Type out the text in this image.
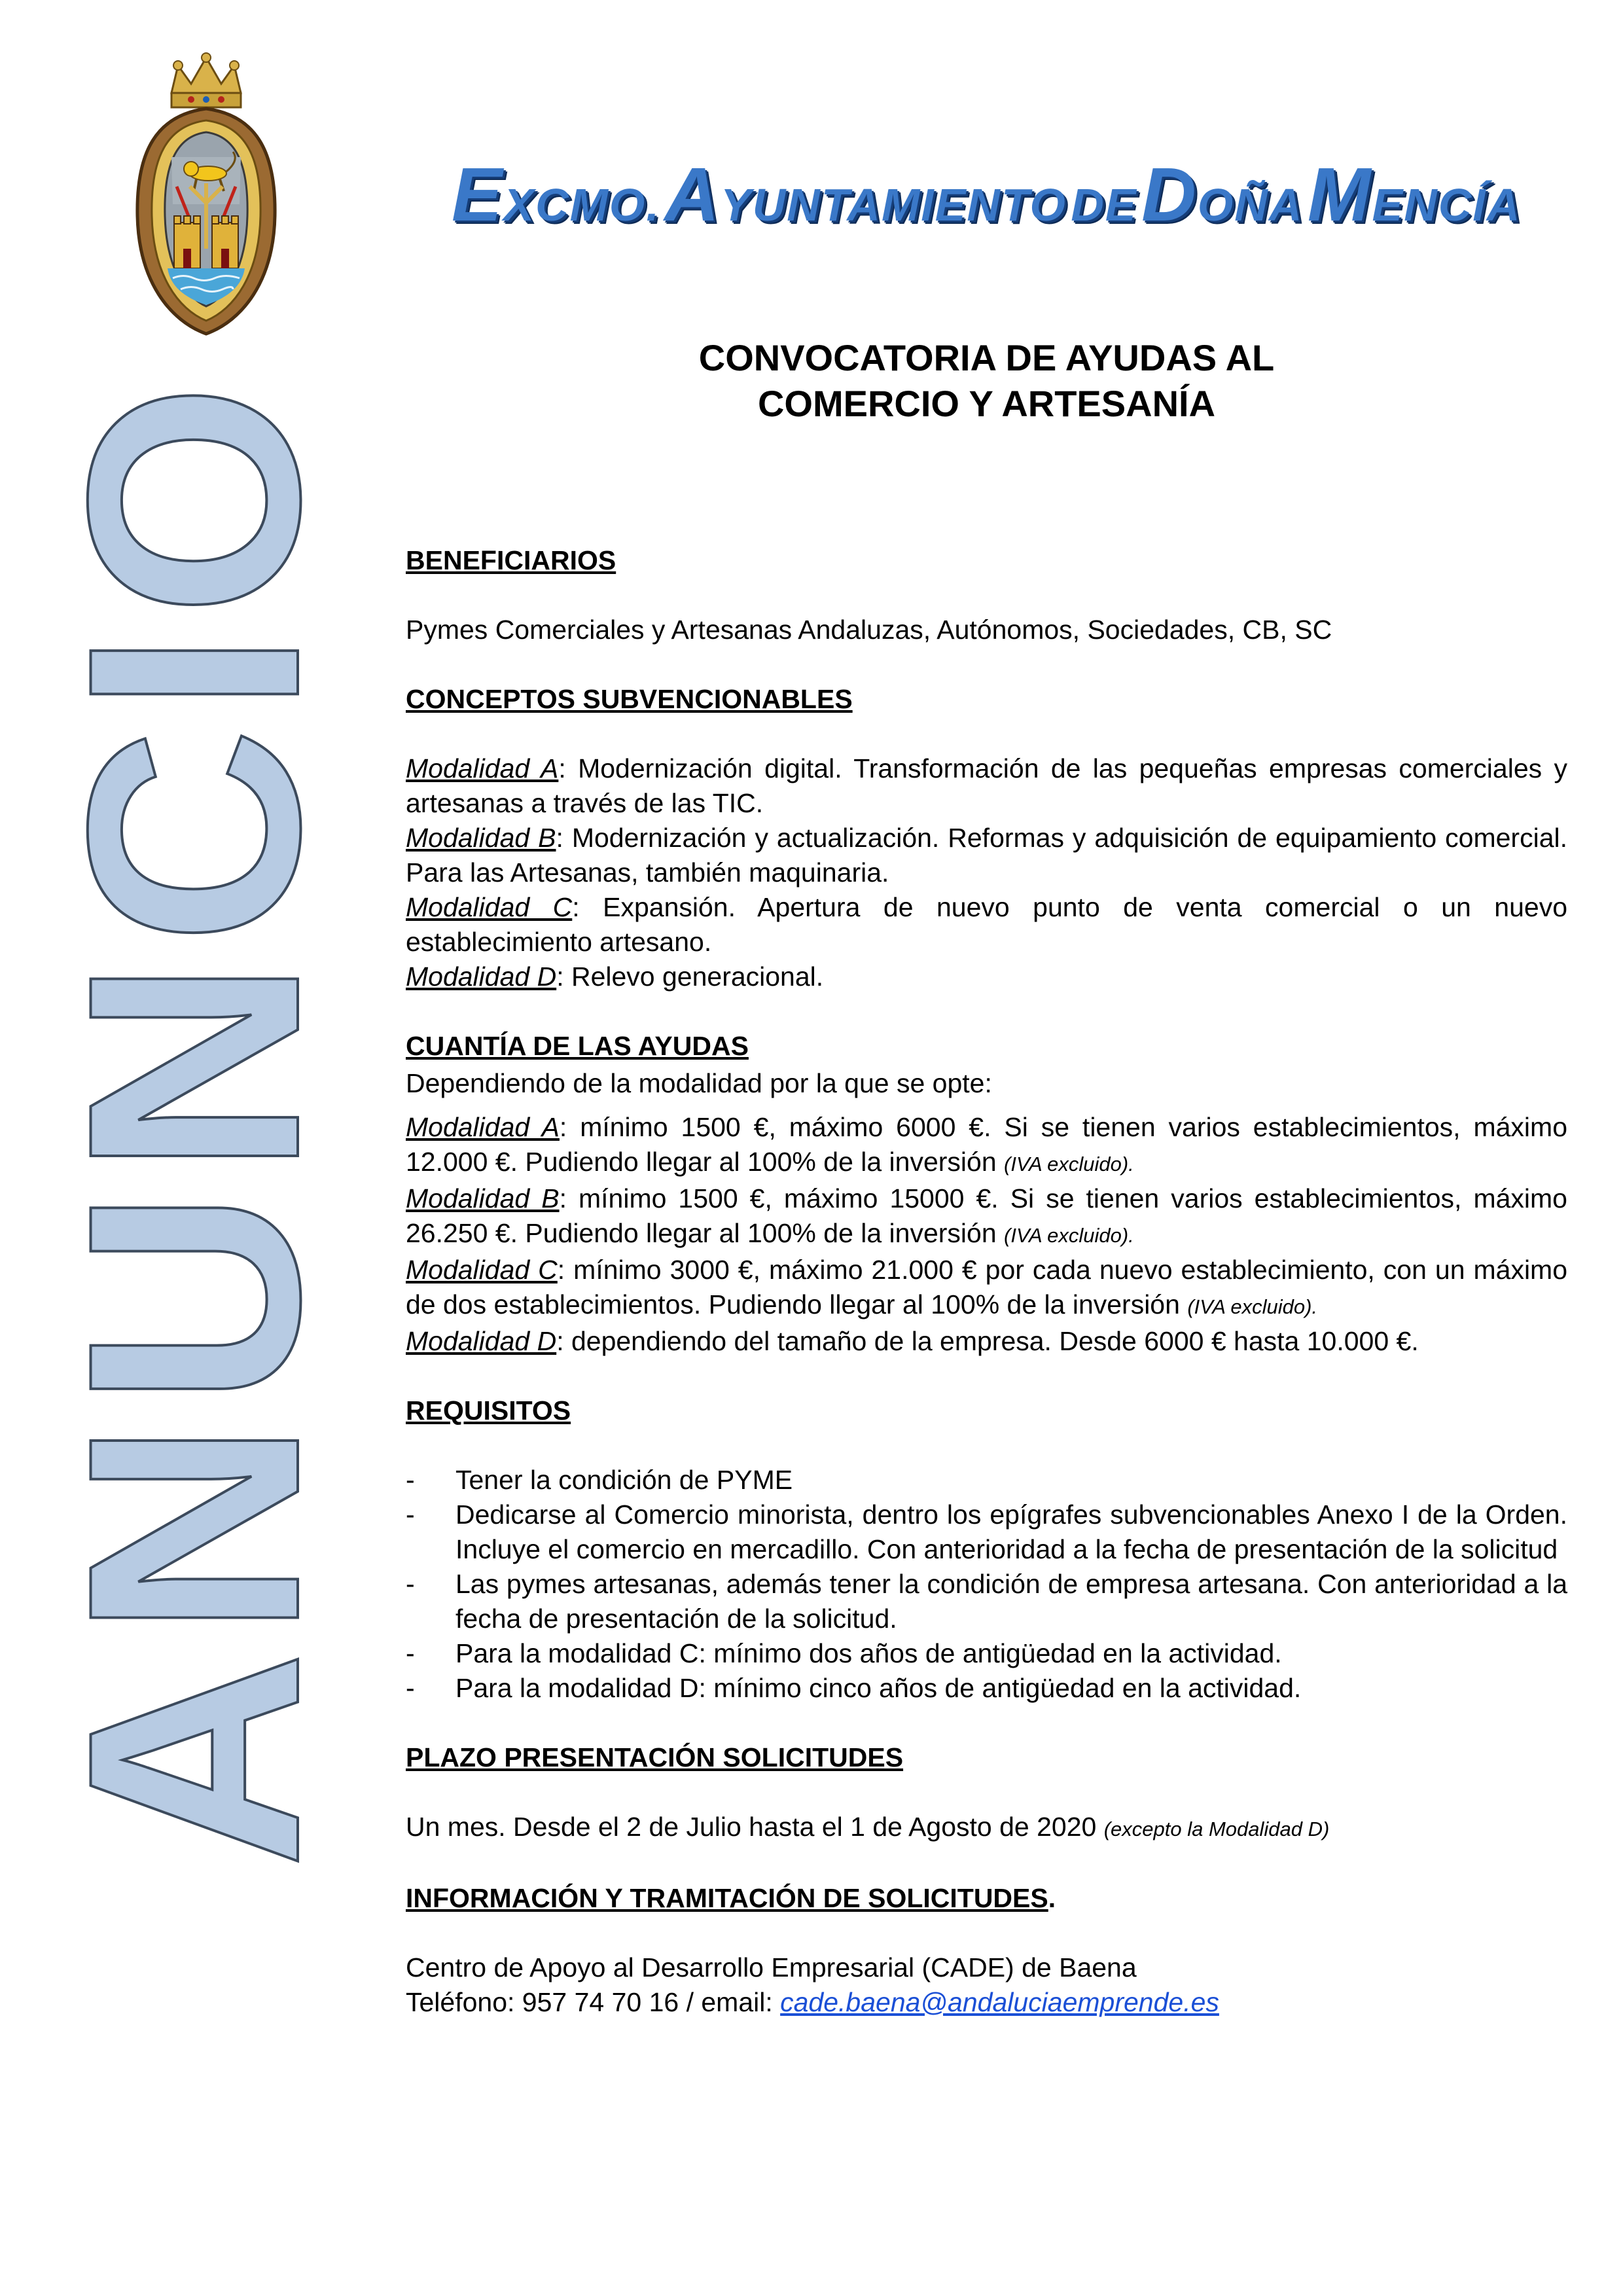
EXCMO. AYUNTAMIENTO DE DOÑA MENCÍA
ANUNCIO
CONVOCATORIA DE AYUDAS AL
COMERCIO Y ARTESANÍA

BENEFICIARIOS

Pymes Comerciales y Artesanas Andaluzas, Autónomos, Sociedades, CB, SC

CONCEPTOS SUBVENCIONABLES

Modalidad A: Modernización digital. Transformación de las pequeñas empresas comerciales y artesanas a través de las TIC.

Modalidad B: Modernización y actualización. Reformas y adquisición de equipamiento comercial. Para las Artesanas, también maquinaria.

Modalidad C: Expansión. Apertura de nuevo punto de venta comercial o un nuevo establecimiento artesano.

Modalidad D: Relevo generacional.

CUANTÍA DE LAS AYUDAS

Dependiendo de la modalidad por la que se opte:

Modalidad A: mínimo 1500 €, máximo 6000 €. Si se tienen varios establecimientos, máximo 12.000 €. Pudiendo llegar al 100% de la inversión (IVA excluido).

Modalidad B: mínimo 1500 €, máximo 15000 €. Si se tienen varios establecimientos, máximo 26.250 €. Pudiendo llegar al 100% de la inversión (IVA excluido).

Modalidad C: mínimo 3000 €, máximo 21.000 € por cada nuevo establecimiento, con un máximo de dos establecimientos. Pudiendo llegar al 100% de la inversión (IVA excluido).

Modalidad D: dependiendo del tamaño de la empresa. Desde 6000 € hasta 10.000 €.

REQUISITOS

- Tener la condición de PYME
- Dedicarse al Comercio minorista, dentro los epígrafes subvencionables Anexo I de la Orden. Incluye el comercio en mercadillo. Con anterioridad a la fecha de presentación de la solicitud
- Las pymes artesanas, además tener la condición de empresa artesana. Con anterioridad a la fecha de presentación de la solicitud.
- Para la modalidad C: mínimo dos años de antigüedad en la actividad.
- Para la modalidad D: mínimo cinco años de antigüedad en la actividad.

PLAZO PRESENTACIÓN SOLICITUDES

Un mes. Desde el 2 de Julio hasta el 1 de Agosto de 2020 (excepto la Modalidad D)

INFORMACIÓN Y TRAMITACIÓN DE SOLICITUDES

.

Centro de Apoyo al Desarrollo Empresarial (CADE) de Baena

Teléfono: 957 74 70 16 / email: cade.baena@andaluciaemprende.es
